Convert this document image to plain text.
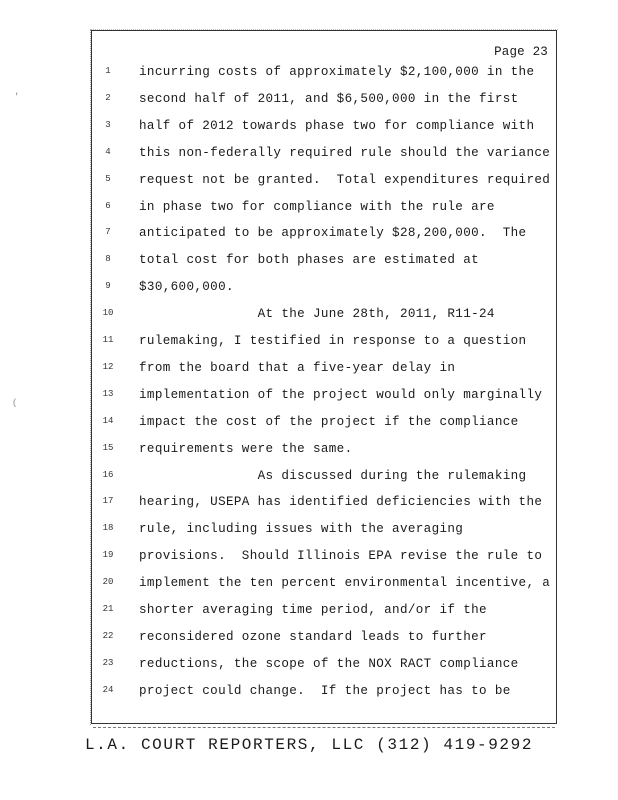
Page 23
1	incurring costs of approximately $2,100,000 in the
2	second half of 2011, and $6,500,000 in the first
3	half of 2012 towards phase two for compliance with
4	this non-federally required rule should the variance
5	request not be granted.  Total expenditures required
6	in phase two for compliance with the rule are
7	anticipated to be approximately $28,200,000.  The
8	total cost for both phases are estimated at
9	$30,600,000.
10	At the June 28th, 2011, R11-24
11	rulemaking, I testified in response to a question
12	from the board that a five-year delay in
13	implementation of the project would only marginally
14	impact the cost of the project if the compliance
15	requirements were the same.
16	As discussed during the rulemaking
17	hearing, USEPA has identified deficiencies with the
18	rule, including issues with the averaging
19	provisions.  Should Illinois EPA revise the rule to
20	implement the ten percent environmental incentive, a
21	shorter averaging time period, and/or if the
22	reconsidered ozone standard leads to further
23	reductions, the scope of the NOX RACT compliance
24	project could change.  If the project has to be
'
(
L.A. COURT REPORTERS, LLC (312) 419-9292
